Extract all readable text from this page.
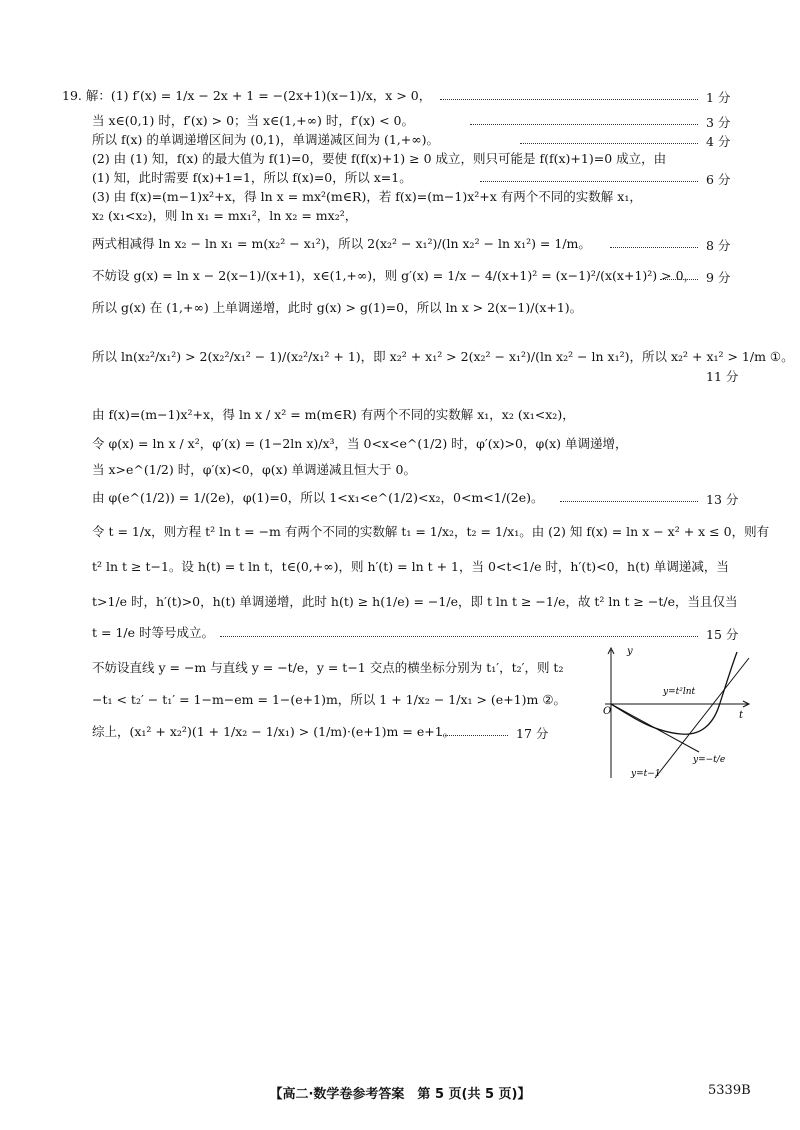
19. 解：(1) f′(x) = 1/x − 2x + 1 = −(2x+1)(x−1)/x，x > 0，	1 分
当 x∈(0,1) 时，f′(x) > 0；当 x∈(1,+∞) 时，f′(x) < 0。	3 分
所以 f(x) 的单调递增区间为 (0,1)，单调递减区间为 (1,+∞)。	4 分
(2) 由 (1) 知，f(x) 的最大值为 f(1)=0，要使 f(f(x)+1) ≥ 0 成立，则只可能是 f(f(x)+1)=0 成立，由
(1) 知，此时需要 f(x)+1=1，所以 f(x)=0，所以 x=1。	6 分
(3) 由 f(x)=(m−1)x²+x，得 ln x = mx²(m∈R)，若 f(x)=(m−1)x²+x 有两个不同的实数解 x₁，
x₂ (x₁<x₂)，则 ln x₁ = mx₁²，ln x₂ = mx₂²，
两式相减得 ln x₂ − ln x₁ = m(x₂² − x₁²)，所以 2(x₂² − x₁²)/(ln x₂² − ln x₁²) = 1/m。	8 分
不妨设 g(x) = ln x − 2(x−1)/(x+1)，x∈(1,+∞)，则 g′(x) = 1/x − 4/(x+1)² = (x−1)²/(x(x+1)²) > 0， 9 分
所以 g(x) 在 (1,+∞) 上单调递增，此时 g(x) > g(1)=0，所以 ln x > 2(x−1)/(x+1)。
所以 ln(x₂²/x₁²) > 2(x₂²/x₁² − 1)/(x₂²/x₁² + 1)，即 x₂² + x₁² > 2(x₂² − x₁²)/(ln x₂² − ln x₁²)，所以 x₂² + x₁² > 1/m ①。
11 分
由 f(x)=(m−1)x²+x，得 ln x / x² = m(m∈R) 有两个不同的实数解 x₁，x₂ (x₁<x₂)，
令 φ(x) = ln x / x²，φ′(x) = (1−2ln x)/x³，当 0<x<e^(1/2) 时，φ′(x)>0，φ(x) 单调递增，
当 x>e^(1/2) 时，φ′(x)<0，φ(x) 单调递减且恒大于 0。
由 φ(e^(1/2)) = 1/(2e)，φ(1)=0，所以 1<x₁<e^(1/2)<x₂，0<m<1/(2e)。	13 分
令 t = 1/x，则方程 t² ln t = −m 有两个不同的实数解 t₁ = 1/x₂，t₂ = 1/x₁。由 (2) 知 f(x) = ln x − x² + x ≤ 0，则有
t² ln t ≥ t−1。设 h(t) = t ln t，t∈(0,+∞)，则 h′(t) = ln t + 1，当 0<t<1/e 时，h′(t)<0，h(t) 单调递减，当
t>1/e 时，h′(t)>0，h(t) 单调递增，此时 h(t) ≥ h(1/e) = −1/e，即 t ln t ≥ −1/e，故 t² ln t ≥ −t/e，当且仅当
t = 1/e 时等号成立。	15 分
不妨设直线 y = −m 与直线 y = −t/e，y = t−1 交点的横坐标分别为 t₁′，t₂′，则 t₂
−t₁ < t₂′ − t₁′ = 1−m−em = 1−(e+1)m，所以 1 + 1/x₂ − 1/x₁ > (e+1)m ②。
综上，(x₁² + x₂²)(1 + 1/x₂ − 1/x₁) > (1/m)·(e+1)m = e+1。	17 分
y
t
O
y=t²lnt
y=−t/e
y=t−1
【高二·数学卷参考答案　第 5 页(共 5 页)】	5339B
